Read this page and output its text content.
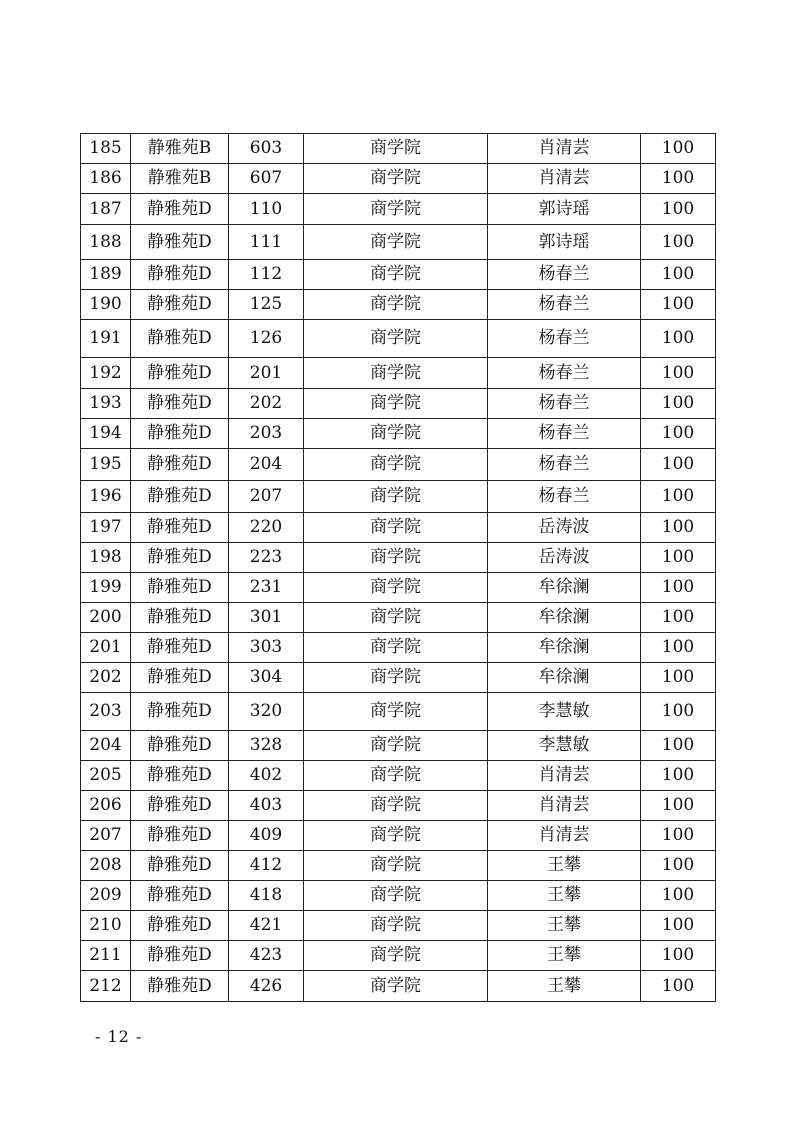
185	静雅苑B	603	商学院	肖清芸	100
186	静雅苑B	607	商学院	肖清芸	100
187	静雅苑D	110	商学院	郭诗瑶	100
188	静雅苑D	111	商学院	郭诗瑶	100
189	静雅苑D	112	商学院	杨春兰	100
190	静雅苑D	125	商学院	杨春兰	100
191	静雅苑D	126	商学院	杨春兰	100
192	静雅苑D	201	商学院	杨春兰	100
193	静雅苑D	202	商学院	杨春兰	100
194	静雅苑D	203	商学院	杨春兰	100
195	静雅苑D	204	商学院	杨春兰	100
196	静雅苑D	207	商学院	杨春兰	100
197	静雅苑D	220	商学院	岳涛波	100
198	静雅苑D	223	商学院	岳涛波	100
199	静雅苑D	231	商学院	牟徐澜	100
200	静雅苑D	301	商学院	牟徐澜	100
201	静雅苑D	303	商学院	牟徐澜	100
202	静雅苑D	304	商学院	牟徐澜	100
203	静雅苑D	320	商学院	李慧敏	100
204	静雅苑D	328	商学院	李慧敏	100
205	静雅苑D	402	商学院	肖清芸	100
206	静雅苑D	403	商学院	肖清芸	100
207	静雅苑D	409	商学院	肖清芸	100
208	静雅苑D	412	商学院	王攀	100
209	静雅苑D	418	商学院	王攀	100
210	静雅苑D	421	商学院	王攀	100
211	静雅苑D	423	商学院	王攀	100
212	静雅苑D	426	商学院	王攀	100
- 12 -
